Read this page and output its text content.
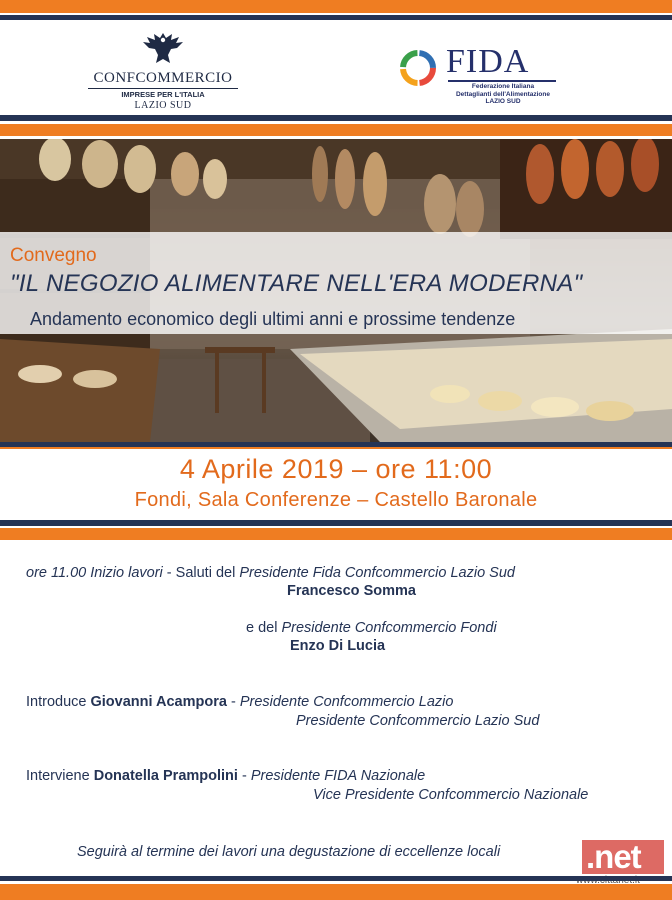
CONFCOMMERCIO
IMPRESE PER L'ITALIA
LAZIO SUD
FIDA
Federazione Italiana
Dettaglianti dell'Alimentazione
LAZIO SUD
Convegno
"IL NEGOZIO ALIMENTARE NELL'ERA MODERNA"
Andamento economico degli ultimi anni e prossime tendenze
4 Aprile 2019 – ore 11:00
Fondi, Sala Conferenze – Castello Baronale
ore 11.00 Inizio lavori - Saluti del Presidente Fida Confcommercio Lazio Sud
Francesco Somma
e del Presidente Confcommercio Fondi
Enzo Di Lucia
Introduce Giovanni Acampora - Presidente Confcommercio Lazio
Presidente Confcommercio Lazio Sud
Interviene Donatella Prampolini - Presidente FIDA Nazionale
Vice Presidente Confcommercio Nazionale
Seguirà al termine dei lavori una degustazione di eccellenze locali	.net
